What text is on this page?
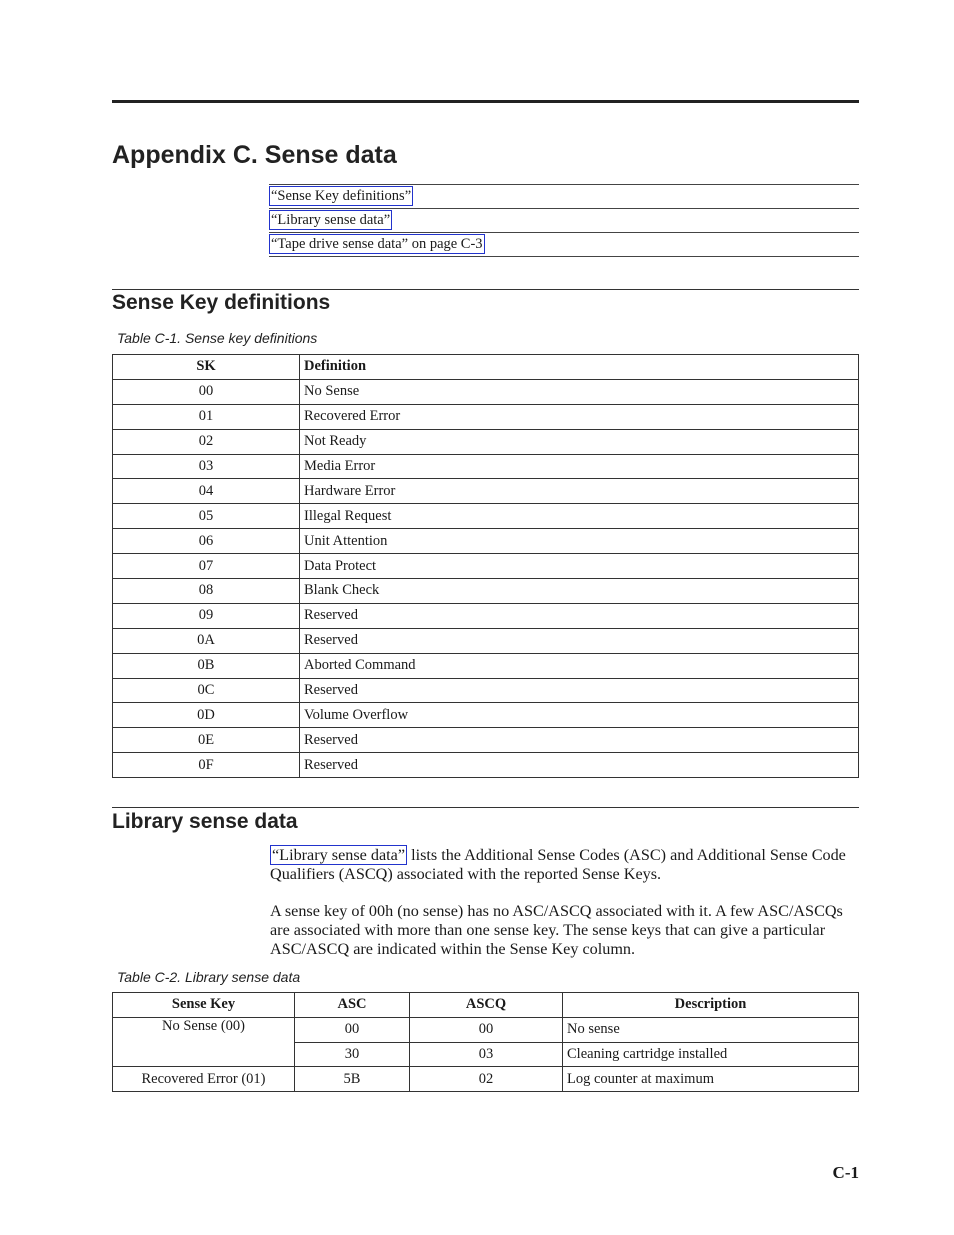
Appendix C. Sense data
“Sense Key definitions”
“Library sense data”
“Tape drive sense data” on page C-3
Sense Key definitions

Table C-1. Sense key definitions

SK	Definition
00	No Sense
01	Recovered Error
02	Not Ready
03	Media Error
04	Hardware Error
05	Illegal Request
06	Unit Attention
07	Data Protect
08	Blank Check
09	Reserved
0A	Reserved
0B	Aborted Command
0C	Reserved
0D	Volume Overflow
0E	Reserved
0F	Reserved
Library sense data

“Library sense data” lists the Additional Sense Codes (ASC) and Additional Sense Code Qualifiers (ASCQ) associated with the reported Sense Keys.

A sense key of 00h (no sense) has no ASC/ASCQ associated with it. A few ASC/ASCQs are associated with more than one sense key. The sense keys that can give a particular ASC/ASCQ are indicated within the Sense Key column.

Table C-2. Library sense data

Sense Key	ASC	ASCQ	Description
No Sense (00)	00	00	No sense
	30	03	Cleaning cartridge installed
Recovered Error (01)	5B	02	Log counter at maximum

C-1
